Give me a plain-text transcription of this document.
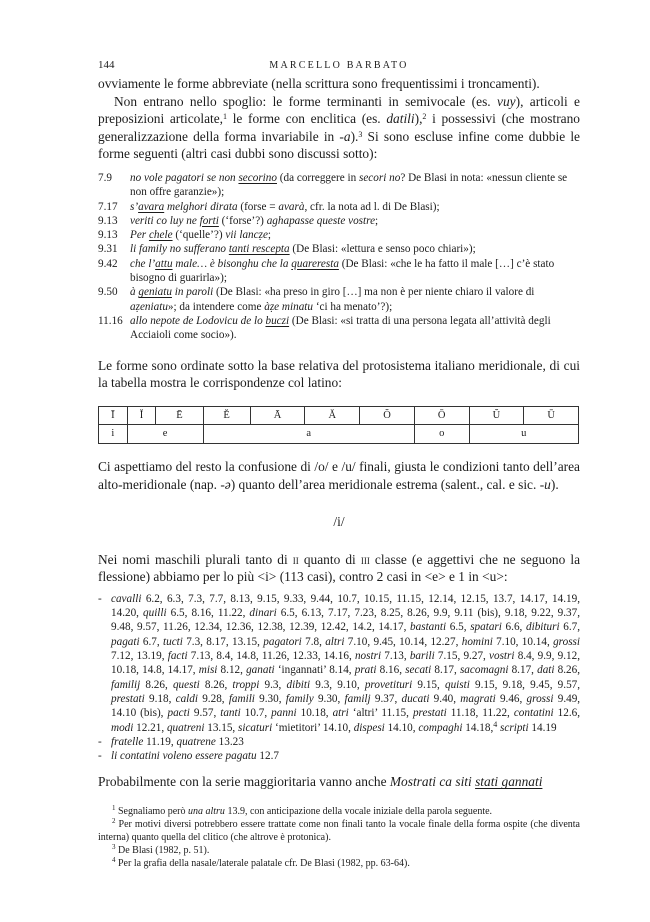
144	MARCELLO BARBATO

ovviamente le forme abbreviate (nella scrittura sono frequentissimi i troncamenti).

Non entrano nello spoglio: le forme terminanti in semivocale (es. vuy), articoli e preposizioni articolate,$^1$ le forme con enclitica (es. datili),$^2$ i possessivi (che mostrano generalizzazione della forma invariabile in -a).$^3$ Si sono escluse infine come dubbie le forme seguenti (altri casi dubbi sono discussi sotto):

7.9	no vole pagatori se non secorino (da correggere in secori no? De Blasi in nota: «nessun cliente se non offre garanzie»);
7.17	s’avara melghori dirata (forse = avarà, cfr. la nota ad l. di De Blasi);
9.13	veriti co luy ne forti (‘forse’?) aghapasse queste vostre;
9.13	Per chele (‘quelle’?) vii lancẓe;
9.31	li family no sufferano tanti rescepta (De Blasi: «lettura e senso poco chiari»);
9.42	che l’attu male… è bisonghu che la quareresta (De Blasi: «che le ha fatto il male […] c’è stato bisogno di guarirla»);
9.50	à geniatu in paroli (De Blasi: «ha preso in giro […] ma non è per niente chiaro il valore di aẓeniatu»; da intendere come àẓe minatu ‘ci ha menato’?);
11.16 allo nepote de Lodovicu de lo buczi (De Blasi: «si tratta di una persona legata all’attività degli Acciaioli come socio»).

Le forme sono ordinate sotto la base relativa del protosistema italiano meridionale, di cui la tabella mostra le corrispondenze col latino:

Ī	Ĭ	Ē	Ĕ	Ā	Ă	Ŏ	Ō	Ŭ	Ū
i	e		a				o	u	

Ci aspettiamo del resto la confusione di /o/ e /u/ finali, giusta le condizioni tanto dell’area alto-meridionale (nap. -ə) quanto dell’area meridionale estrema (salent., cal. e sic. -u).

/i/

Nei nomi maschili plurali tanto di ii quanto di iii classe (e aggettivi che ne seguono la flessione) abbiamo per lo più <i> (113 casi), contro 2 casi in <e> e 1 in <u>:

- cavalli 6.2, 6.3, 7.3, 7.7, 8.13, 9.15, 9.33, 9.44, 10.7, 10.15, 11.15, 12.14, 12.15, 13.7, 14.17, 14.19, 14.20, quilli 6.5, 8.16, 11.22, dinari 6.5, 6.13, 7.17, 7.23, 8.25, 8.26, 9.9, 9.11 (bis), 9.18, 9.22, 9.37, 9.48, 9.57, 11.26, 12.34, 12.36, 12.38, 12.39, 12.42, 14.2, 14.17, bastanti 6.5, spatari 6.6, dibituri 6.7, pagati 6.7, tucti 7.3, 8.17, 13.15, pagatori 7.8, altri 7.10, 9.45, 10.14, 12.27, homini 7.10, 10.14, grossi 7.12, 13.19, facti 7.13, 8.4, 14.8, 11.26, 12.33, 14.16, nostri 7.13, barili 7.15, 9.27, vostri 8.4, 9.9, 9.12, 10.18, 14.8, 14.17, misi 8.12, ganati ‘ingannati’ 8.14, prati 8.16, secati 8.17, sacomagni 8.17, dati 8.26, familij 8.26, questi 8.26, troppi 9.3, dibiti 9.3, 9.10, provetituri 9.15, quisti 9.15, 9.18, 9.45, 9.57, prestati 9.18, caldi 9.28, famili 9.30, family 9.30, familj 9.37, ducati 9.40, magrati 9.46, grossi 9.49, 14.10 (bis), pacti 9.57, tanti 10.7, panni 10.18, atri ‘altri’ 11.15, prestati 11.18, 11.22, contatini 12.6, modi 12.21, quatreni 13.15, sicaturi ‘mietitori’ 14.10, dispesi 14.10, compaghi 14.18,$^4$ scripti 14.19
- fratelle 11.19, quatrene 13.23
- li contatini voleno essere pagatu 12.7

Probabilmente con la serie maggioritaria vanno anche Mostrati ca siti stati gannati

$^1$ Segnaliamo però una altru 13.9, con anticipazione della vocale iniziale della parola seguente.
$^2$ Per motivi diversi potrebbero essere trattate come non finali tanto la vocale finale della forma ospite (che diventa interna) quanto quella del clitico (che altrove è protonica).
$^3$ De Blasi (1982, p. 51).
$^4$ Per la grafia della nasale/laterale palatale cfr. De Blasi (1982, pp. 63-64).
